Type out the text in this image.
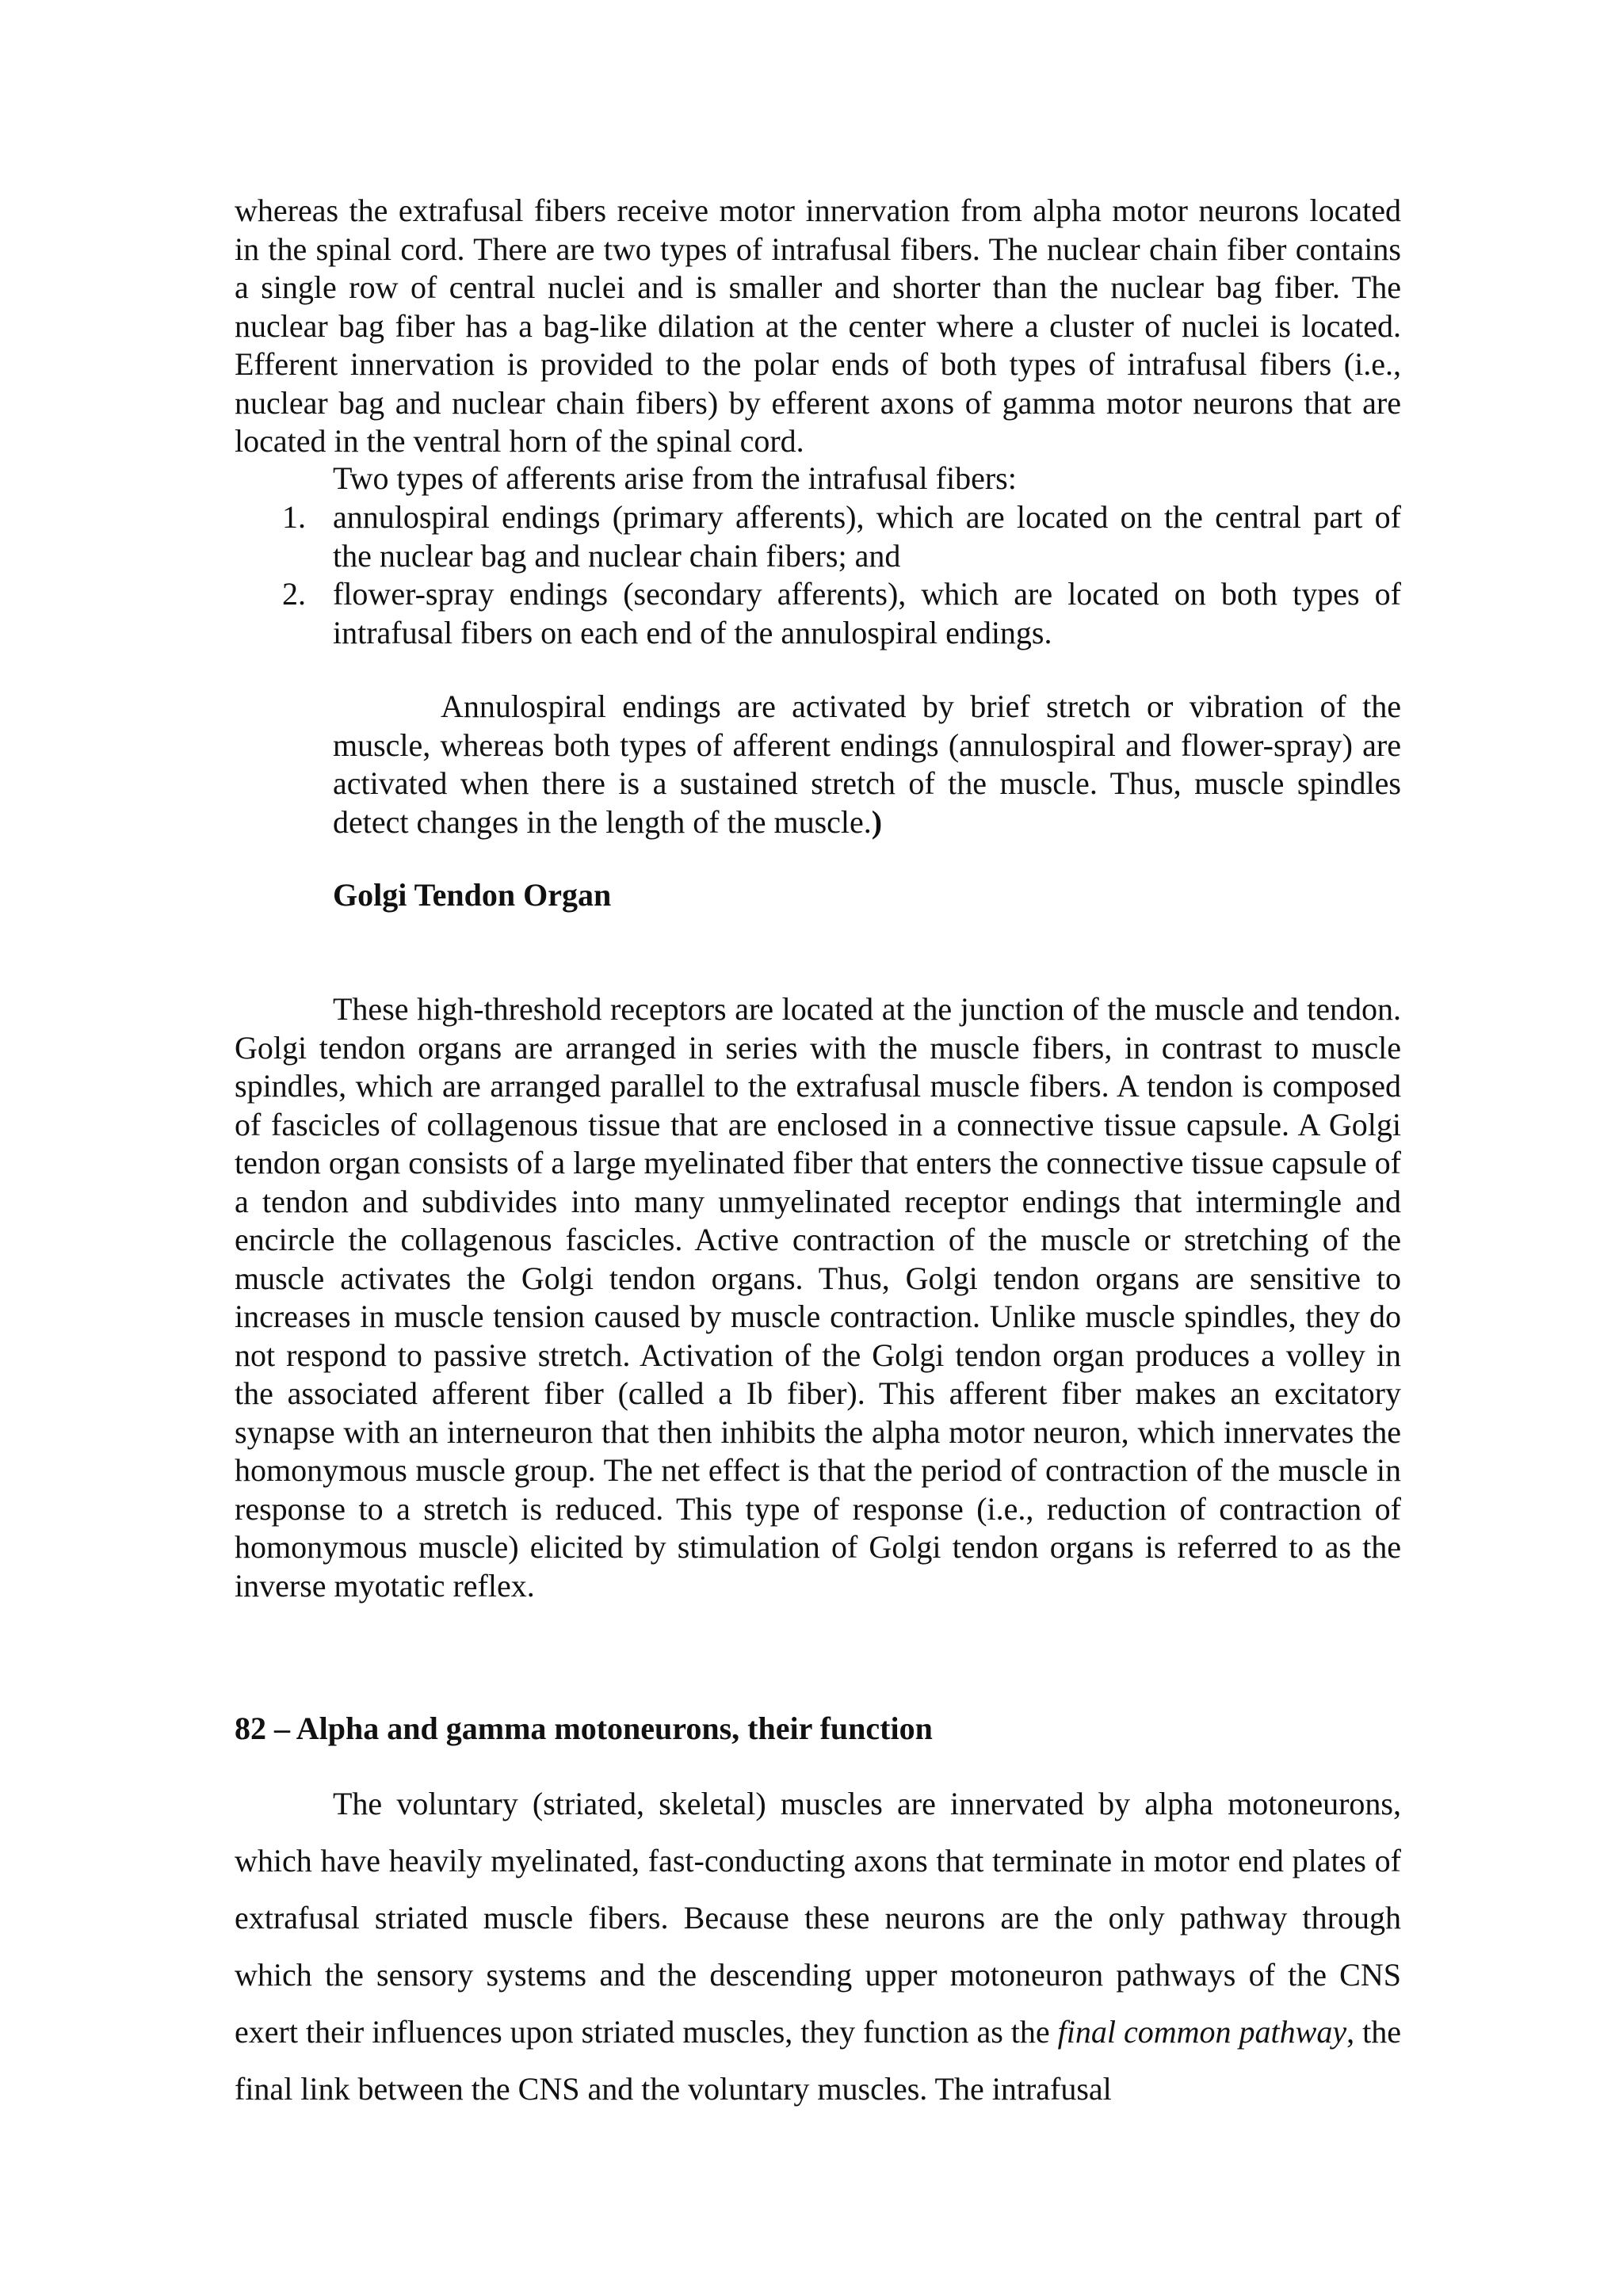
whereas the extrafusal fibers receive motor innervation from alpha motor neurons located in the spinal cord. There are two types of intrafusal fibers. The nuclear chain fiber contains a single row of central nuclei and is smaller and shorter than the nuclear bag fiber. The nuclear bag fiber has a bag-like dilation at the center where a cluster of nuclei is located. Efferent innervation is provided to the polar ends of both types of intrafusal fibers (i.e., nuclear bag and nuclear chain fibers) by efferent axons of gamma motor neurons that are located in the ventral horn of the spinal cord.

Two types of afferents arise from the intrafusal fibers:

1. annulospiral endings (primary afferents), which are located on the central part of the nuclear bag and nuclear chain fibers; and
2. flower-spray endings (secondary afferents), which are located on both types of intrafusal fibers on each end of the annulospiral endings.

Annulospiral endings are activated by brief stretch or vibration of the muscle, whereas both types of afferent endings (annulospiral and flower-spray) are activated when there is a sustained stretch of the muscle. Thus, muscle spindles detect changes in the length of the muscle.)

Golgi Tendon Organ

These high-threshold receptors are located at the junction of the muscle and tendon. Golgi tendon organs are arranged in series with the muscle fibers, in contrast to muscle spindles, which are arranged parallel to the extrafusal muscle fibers. A tendon is composed of fascicles of collagenous tissue that are enclosed in a connective tissue capsule. A Golgi tendon organ consists of a large myelinated fiber that enters the connective tissue capsule of a tendon and subdivides into many unmyelinated receptor endings that intermingle and encircle the collagenous fascicles. Active contraction of the muscle or stretching of the muscle activates the Golgi tendon organs. Thus, Golgi tendon organs are sensitive to increases in muscle tension caused by muscle contraction. Unlike muscle spindles, they do not respond to passive stretch. Activation of the Golgi tendon organ produces a volley in the associated afferent fiber (called a Ib fiber). This afferent fiber makes an excitatory synapse with an interneuron that then inhibits the alpha motor neuron, which innervates the homonymous muscle group. The net effect is that the period of contraction of the muscle in response to a stretch is reduced. This type of response (i.e., reduction of contraction of homonymous muscle) elicited by stimulation of Golgi tendon organs is referred to as the inverse myotatic reflex.

82 – Alpha and gamma motoneurons, their function

The voluntary (striated, skeletal) muscles are innervated by alpha motoneurons, which have heavily myelinated, fast-conducting axons that terminate in motor end plates of extrafusal striated muscle fibers. Because these neurons are the only pathway through which the sensory systems and the descending upper motoneuron pathways of the CNS exert their influences upon striated muscles, they function as the final common pathway, the final link between the CNS and the voluntary muscles. The intrafusal
